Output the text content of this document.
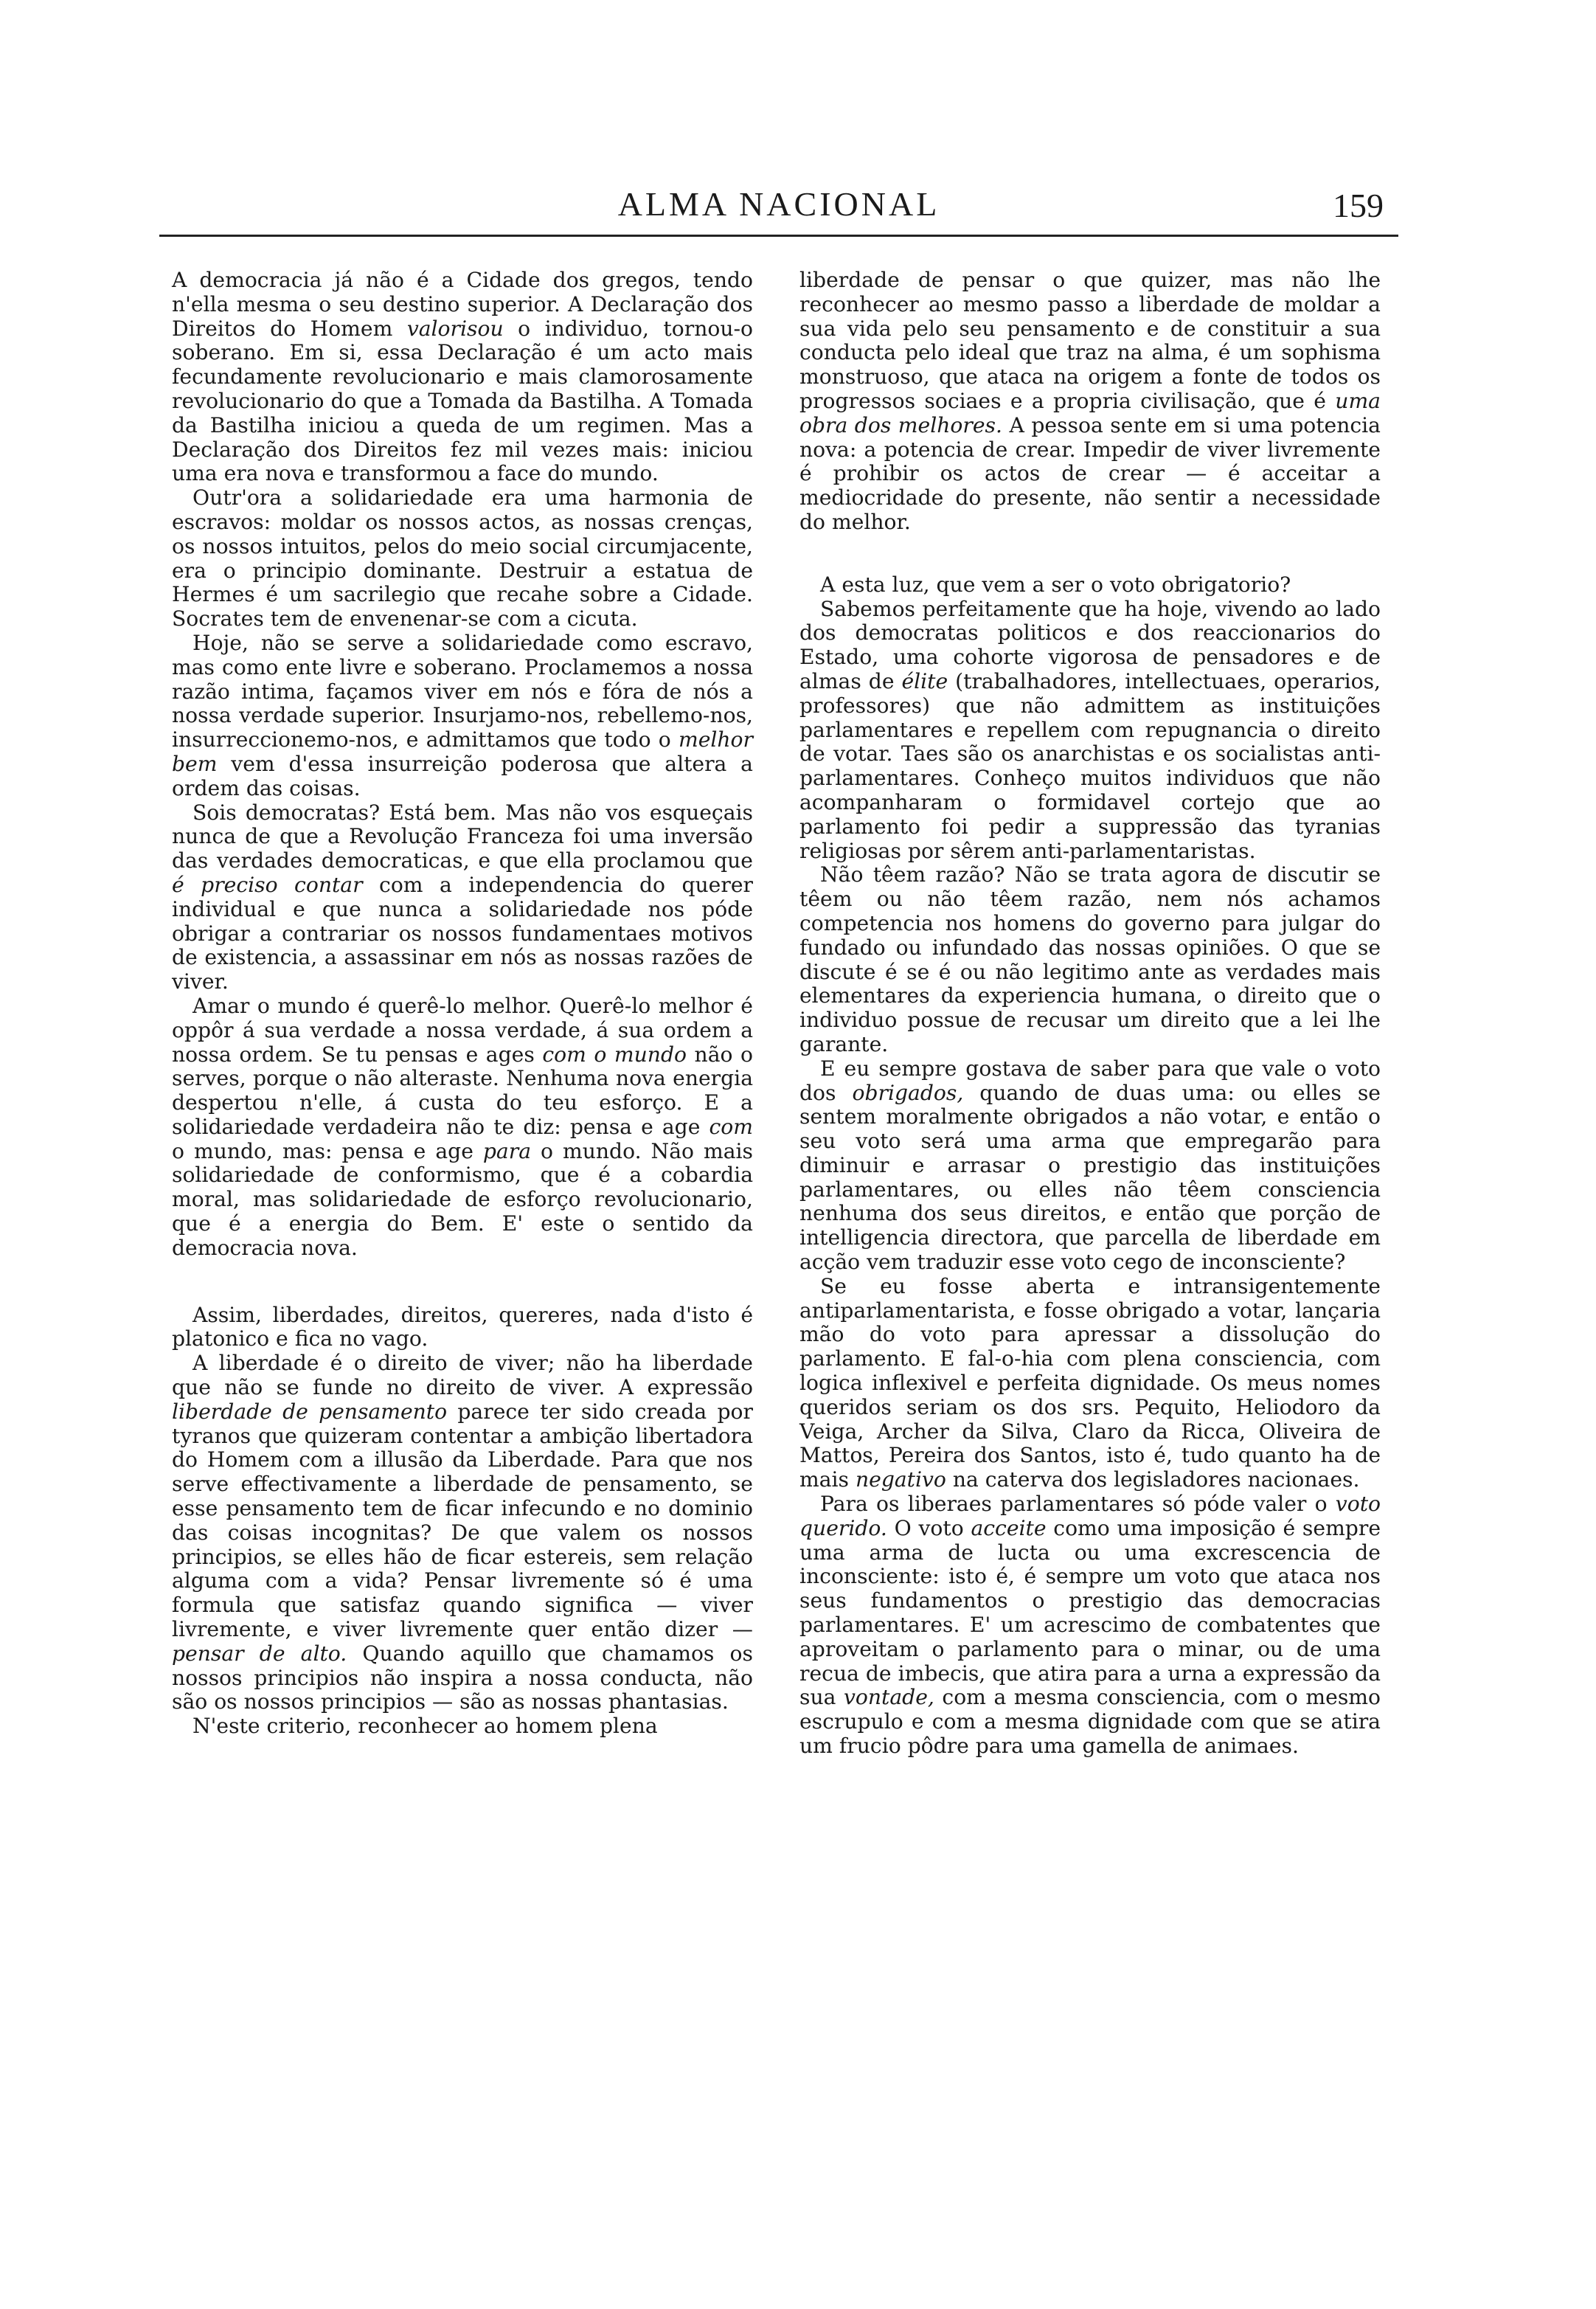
ALMA NACIONAL	159

A democracia já não é a Cidade dos gregos, tendo n'ella mesma o seu destino superior. A Declaração dos Direitos do Homem valorisou o individuo, tornou-o soberano. Em si, essa Declaração é um acto mais fecundamente revolucionario e mais clamorosamente revolucionario do que a Tomada da Bastilha. A Tomada da Bastilha iniciou a queda de um regimen. Mas a Declaração dos Direitos fez mil vezes mais: iniciou uma era nova e transformou a face do mundo.

Outr'ora a solidariedade era uma harmonia de escravos: moldar os nossos actos, as nossas crenças, os nossos intuitos, pelos do meio social circumjacente, era o principio dominante. Destruir a estatua de Hermes é um sacrilegio que recahe sobre a Cidade. Socrates tem de envenenar-se com a cicuta.

Hoje, não se serve a solidariedade como escravo, mas como ente livre e soberano. Proclamemos a nossa razão intima, façamos viver em nós e fóra de nós a nossa verdade superior. Insurjamo-nos, rebellemo-nos, insurreccionemo-nos, e admittamos que todo o melhor bem vem d'essa insurreição poderosa que altera a ordem das coisas.

Sois democratas? Está bem. Mas não vos esqueçais nunca de que a Revolução Franceza foi uma inversão das verdades democraticas, e que ella proclamou que é preciso contar com a independencia do querer individual e que nunca a solidariedade nos póde obrigar a contrariar os nossos fundamentaes motivos de existencia, a assassinar em nós as nossas razões de viver.

Amar o mundo é querê-lo melhor. Querê-lo melhor é oppôr á sua verdade a nossa verdade, á sua ordem a nossa ordem. Se tu pensas e ages com o mundo não o serves, porque o não alteraste. Nenhuma nova energia despertou n'elle, á custa do teu esforço. E a solidariedade verdadeira não te diz: pensa e age com o mundo, mas: pensa e age para o mundo. Não mais solidariedade de conformismo, que é a cobardia moral, mas solidariedade de esforço revolucionario, que é a energia do Bem. E' este o sentido da democracia nova.

Assim, liberdades, direitos, quereres, nada d'isto é platonico e fica no vago.

A liberdade é o direito de viver; não ha liberdade que não se funde no direito de viver. A expressão liberdade de pensamento parece ter sido creada por tyranos que quizeram contentar a ambição libertadora do Homem com a illusão da Liberdade. Para que nos serve effectivamente a liberdade de pensamento, se esse pensamento tem de ficar infecundo e no dominio das coisas incognitas? De que valem os nossos principios, se elles hão de ficar estereis, sem relação alguma com a vida? Pensar livremente só é uma formula que satisfaz quando significa — viver livremente, e viver livremente quer então dizer — pensar de alto. Quando aquillo que chamamos os nossos principios não inspira a nossa conducta, não são os nossos principios — são as nossas phantasias.

N'este criterio, reconhecer ao homem plena

liberdade de pensar o que quizer, mas não lhe reconhecer ao mesmo passo a liberdade de moldar a sua vida pelo seu pensamento e de constituir a sua conducta pelo ideal que traz na alma, é um sophisma monstruoso, que ataca na origem a fonte de todos os progressos sociaes e a propria civilisação, que é uma obra dos melhores. A pessoa sente em si uma potencia nova: a potencia de crear. Impedir de viver livremente é prohibir os actos de crear — é acceitar a mediocridade do presente, não sentir a necessidade do melhor.

A esta luz, que vem a ser o voto obrigatorio?

Sabemos perfeitamente que ha hoje, vivendo ao lado dos democratas politicos e dos reaccionarios do Estado, uma cohorte vigorosa de pensadores e de almas de élite (trabalhadores, intellectuaes, operarios, professores) que não admittem as instituições parlamentares e repellem com repugnancia o direito de votar. Taes são os anarchistas e os socialistas anti-parlamentares. Conheço muitos individuos que não acompanharam o formidavel cortejo que ao parlamento foi pedir a suppressão das tyranias religiosas por sêrem anti-parlamentaristas.

Não têem razão? Não se trata agora de discutir se têem ou não têem razão, nem nós achamos competencia nos homens do governo para julgar do fundado ou infundado das nossas opiniões. O que se discute é se é ou não legitimo ante as verdades mais elementares da experiencia humana, o direito que o individuo possue de recusar um direito que a lei lhe garante.

E eu sempre gostava de saber para que vale o voto dos obrigados, quando de duas uma: ou elles se sentem moralmente obrigados a não votar, e então o seu voto será uma arma que empregarão para diminuir e arrasar o prestigio das instituições parlamentares, ou elles não têem consciencia nenhuma dos seus direitos, e então que porção de intelligencia directora, que parcella de liberdade em acção vem traduzir esse voto cego de inconsciente?

Se eu fosse aberta e intransigentemente antiparlamentarista, e fosse obrigado a votar, lançaria mão do voto para apressar a dissolução do parlamento. E fal-o-hia com plena consciencia, com logica inflexivel e perfeita dignidade. Os meus nomes queridos seriam os dos srs. Pequito, Heliodoro da Veiga, Archer da Silva, Claro da Ricca, Oliveira de Mattos, Pereira dos Santos, isto é, tudo quanto ha de mais negativo na caterva dos legisladores nacionaes.

Para os liberaes parlamentares só póde valer o voto querido. O voto acceite como uma imposição é sempre uma arma de lucta ou uma excrescencia de inconsciente: isto é, é sempre um voto que ataca nos seus fundamentos o prestigio das democracias parlamentares. E' um acrescimo de combatentes que aproveitam o parlamento para o minar, ou de uma recua de imbecis, que atira para a urna a expressão da sua vontade, com a mesma consciencia, com o mesmo escrupulo e com a mesma dignidade com que se atira um frucio pôdre para uma gamella de animaes.
